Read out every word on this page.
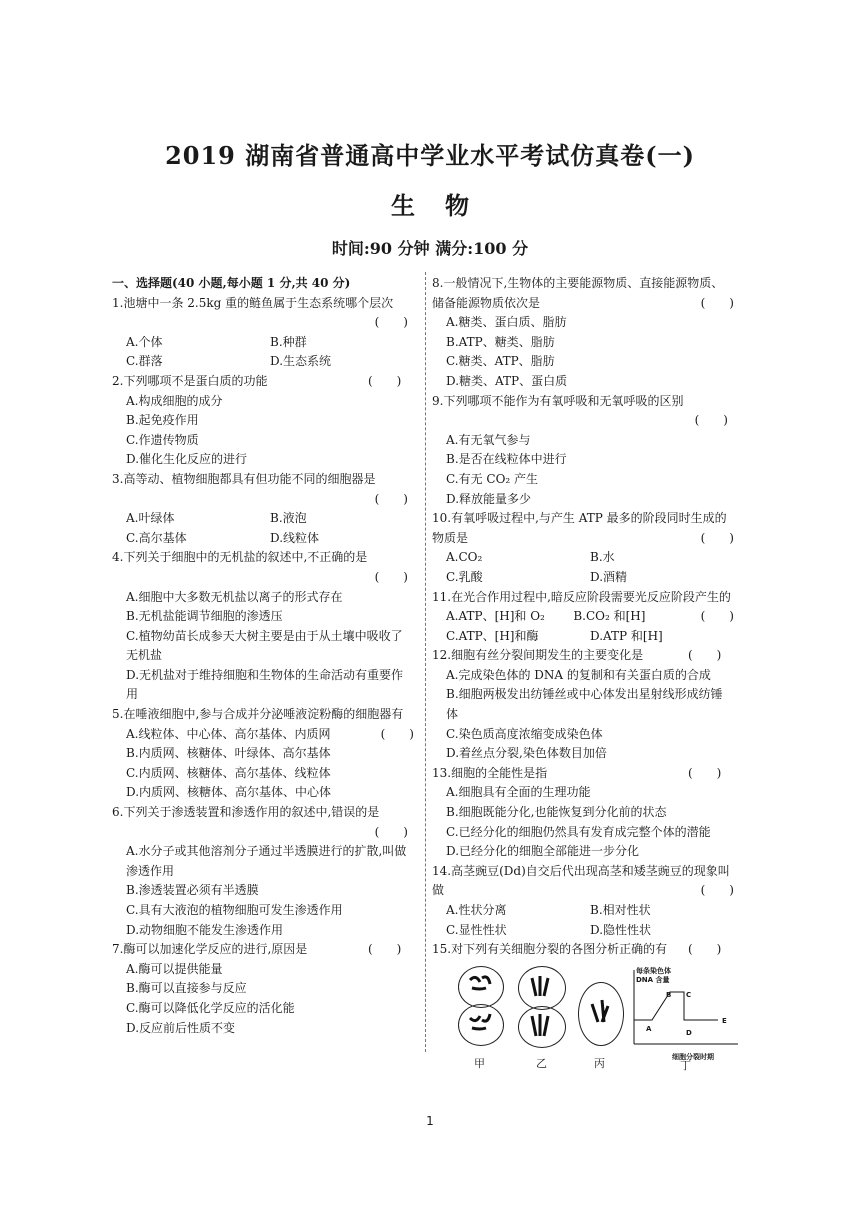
2019 湖南省普通高中学业水平考试仿真卷(一)
生物
时间:90 分钟 满分:100 分
一、选择题(40 小题,每小题 1 分,共 40 分)
1.池塘中一条 2.5kg 重的鲢鱼属于生态系统哪个层次
(　　)
A.个体	B.种群
C.群落	D.生态系统
(　　)
2.下列哪项不是蛋白质的功能
A.构成细胞的成分
B.起免疫作用
C.作遗传物质
D.催化生化反应的进行
3.高等动、植物细胞都具有但功能不同的细胞器是
(　　)
A.叶绿体	B.液泡
C.高尔基体	D.线粒体
4.下列关于细胞中的无机盐的叙述中,不正确的是
(　　)
A.细胞中大多数无机盐以离子的形式存在
B.无机盐能调节细胞的渗透压
C.植物幼苗长成参天大树主要是由于从土壤中吸收了无机盐
D.无机盐对于维持细胞和生物体的生命活动有重要作用
5.在唾液细胞中,参与合成并分泌唾液淀粉酶的细胞器有
(　　)
A.线粒体、中心体、高尔基体、内质网
B.内质网、核糖体、叶绿体、高尔基体
C.内质网、核糖体、高尔基体、线粒体
D.内质网、核糖体、高尔基体、中心体
6.下列关于渗透装置和渗透作用的叙述中,错误的是
(　　)
A.水分子或其他溶剂分子通过半透膜进行的扩散,叫做渗透作用
B.渗透装置必须有半透膜
C.具有大液泡的植物细胞可发生渗透作用
D.动物细胞不能发生渗透作用
(　　)
7.酶可以加速化学反应的进行,原因是
A.酶可以提供能量
B.酶可以直接参与反应
C.酶可以降低化学反应的活化能
D.反应前后性质不变
8.一般情况下,生物体的主要能源物质、直接能源物质、储备能源物质依次是	(　　)
A.糖类、蛋白质、脂肪
B.ATP、糖类、脂肪
C.糖类、ATP、脂肪
D.糖类、ATP、蛋白质
9.下列哪项不能作为有氧呼吸和无氧呼吸的区别
(　　)
A.有无氧气参与
B.是否在线粒体中进行
C.有无 CO₂ 产生
D.释放能量多少
10.有氧呼吸过程中,与产生 ATP 最多的阶段同时生成的物质是	(　　)
A.CO₂	B.水
C.乳酸	D.酒精
11.在光合作用过程中,暗反应阶段需要光反应阶段产生的
(　　)
A.ATP、[H]和 O₂	B.CO₂ 和[H]
C.ATP、[H]和酶	D.ATP 和[H]
(　　)
12.细胞有丝分裂间期发生的主要变化是
A.完成染色体的 DNA 的复制和有关蛋白质的合成
B.细胞两极发出纺锤丝或中心体发出星射线形成纺锤体
C.染色质高度浓缩变成染色体
D.着丝点分裂,染色体数目加倍
(　　)
13.细胞的全能性是指
A.细胞具有全面的生理功能
B.细胞既能分化,也能恢复到分化前的状态
C.已经分化的细胞仍然具有发育成完整个体的潜能
D.已经分化的细胞全部能进一步分化
14.高茎豌豆(Dd)自交后代出现高茎和矮茎豌豆的现象叫做	(　　)
A.性状分离	B.相对性状
C.显性性状	D.隐性性状
(　　)
15.对下列有关细胞分裂的各图分析正确的有
甲	乙	丙
每条染色体
DNA 含量
A
B C
D
E
细胞分裂时期
丁
1
